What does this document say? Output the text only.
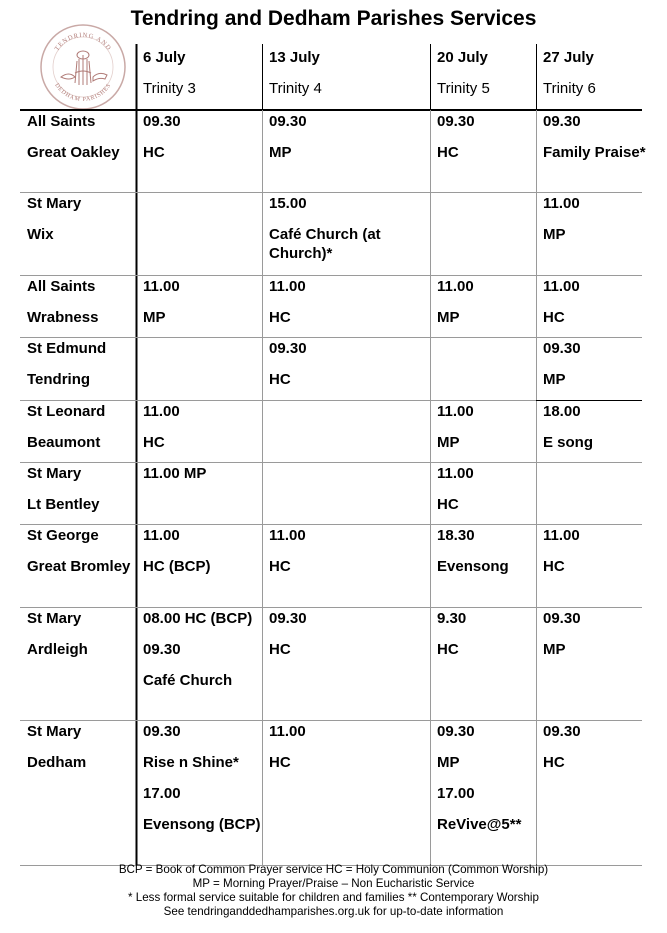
Tendring and Dedham Parishes Services
TENDRING AND
DEDHAM PARISHES
6 July
Trinity 3
13 July
Trinity 4
20 July
Trinity 5
27 July
Trinity 6
All Saints
Great Oakley
09.30
HC
09.30
MP
09.30
HC
09.30
Family Praise*
St Mary
Wix
15.00
Café Church (at Church)*
11.00
MP
All Saints
Wrabness
11.00
MP
11.00
HC
11.00
MP
11.00
HC
St Edmund
Tendring
09.30
HC
09.30
MP
St Leonard
Beaumont
11.00
HC
11.00
MP
18.00
E song
St Mary
Lt Bentley
11.00 MP	11.00
HC
St George
Great Bromley
11.00
HC (BCP)
11.00
HC
18.30
Evensong
11.00
HC
St Mary
Ardleigh
08.00 HC (BCP)
09.30
Café Church
09.30
HC
9.30
HC
09.30
MP
St Mary
Dedham
09.30
Rise n Shine*
17.00
Evensong (BCP)
11.00
HC
09.30
MP
17.00
ReVive@5**
09.30
HC
BCP = Book of Common Prayer service HC = Holy Communion (Common Worship)
MP = Morning Prayer/Praise – Non Eucharistic Service
* Less formal service suitable for children and families ** Contemporary Worship
See tendringanddedhamparishes.org.uk for up-to-date information
